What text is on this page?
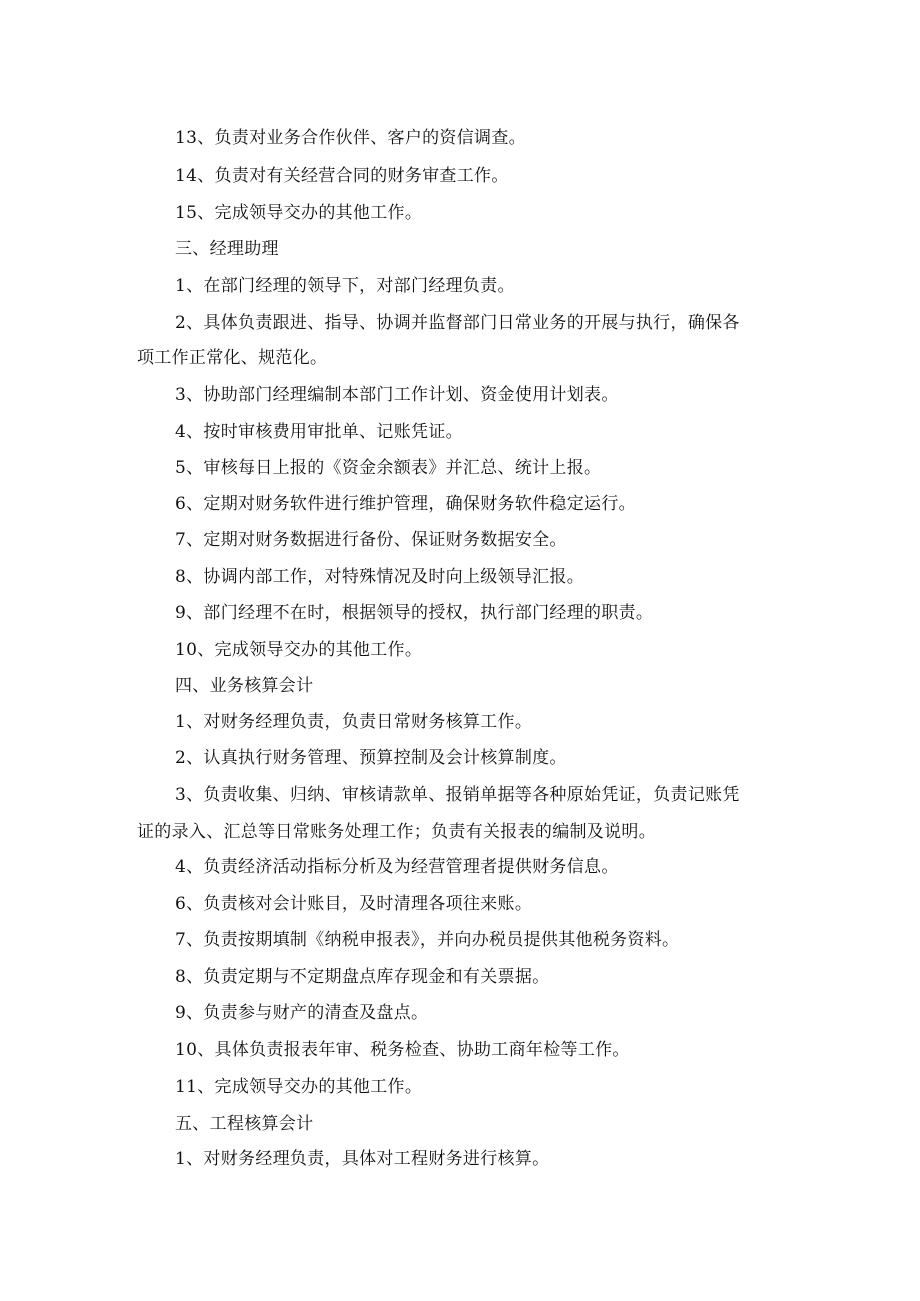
13、负责对业务合作伙伴、客户的资信调查。
14、负责对有关经营合同的财务审查工作。
15、完成领导交办的其他工作。
三、经理助理
1、在部门经理的领导下，对部门经理负责。
2、具体负责跟进、指导、协调并监督部门日常业务的开展与执行，确保各
项工作正常化、规范化。
3、协助部门经理编制本部门工作计划、资金使用计划表。
4、按时审核费用审批单、记账凭证。
5、审核每日上报的《资金余额表》并汇总、统计上报。
6、定期对财务软件进行维护管理，确保财务软件稳定运行。
7、定期对财务数据进行备份、保证财务数据安全。
8、协调内部工作，对特殊情况及时向上级领导汇报。
9、部门经理不在时，根据领导的授权，执行部门经理的职责。
10、完成领导交办的其他工作。
四、业务核算会计
1、对财务经理负责，负责日常财务核算工作。
2、认真执行财务管理、预算控制及会计核算制度。
3、负责收集、归纳、审核请款单、报销单据等各种原始凭证，负责记账凭
证的录入、汇总等日常账务处理工作；负责有关报表的编制及说明。
4、负责经济活动指标分析及为经营管理者提供财务信息。
6、负责核对会计账目，及时清理各项往来账。
7、负责按期填制《纳税申报表》，并向办税员提供其他税务资料。
8、负责定期与不定期盘点库存现金和有关票据。
9、负责参与财产的清查及盘点。
10、具体负责报表年审、税务检查、协助工商年检等工作。
11、完成领导交办的其他工作。
五、工程核算会计
1、对财务经理负责，具体对工程财务进行核算。
